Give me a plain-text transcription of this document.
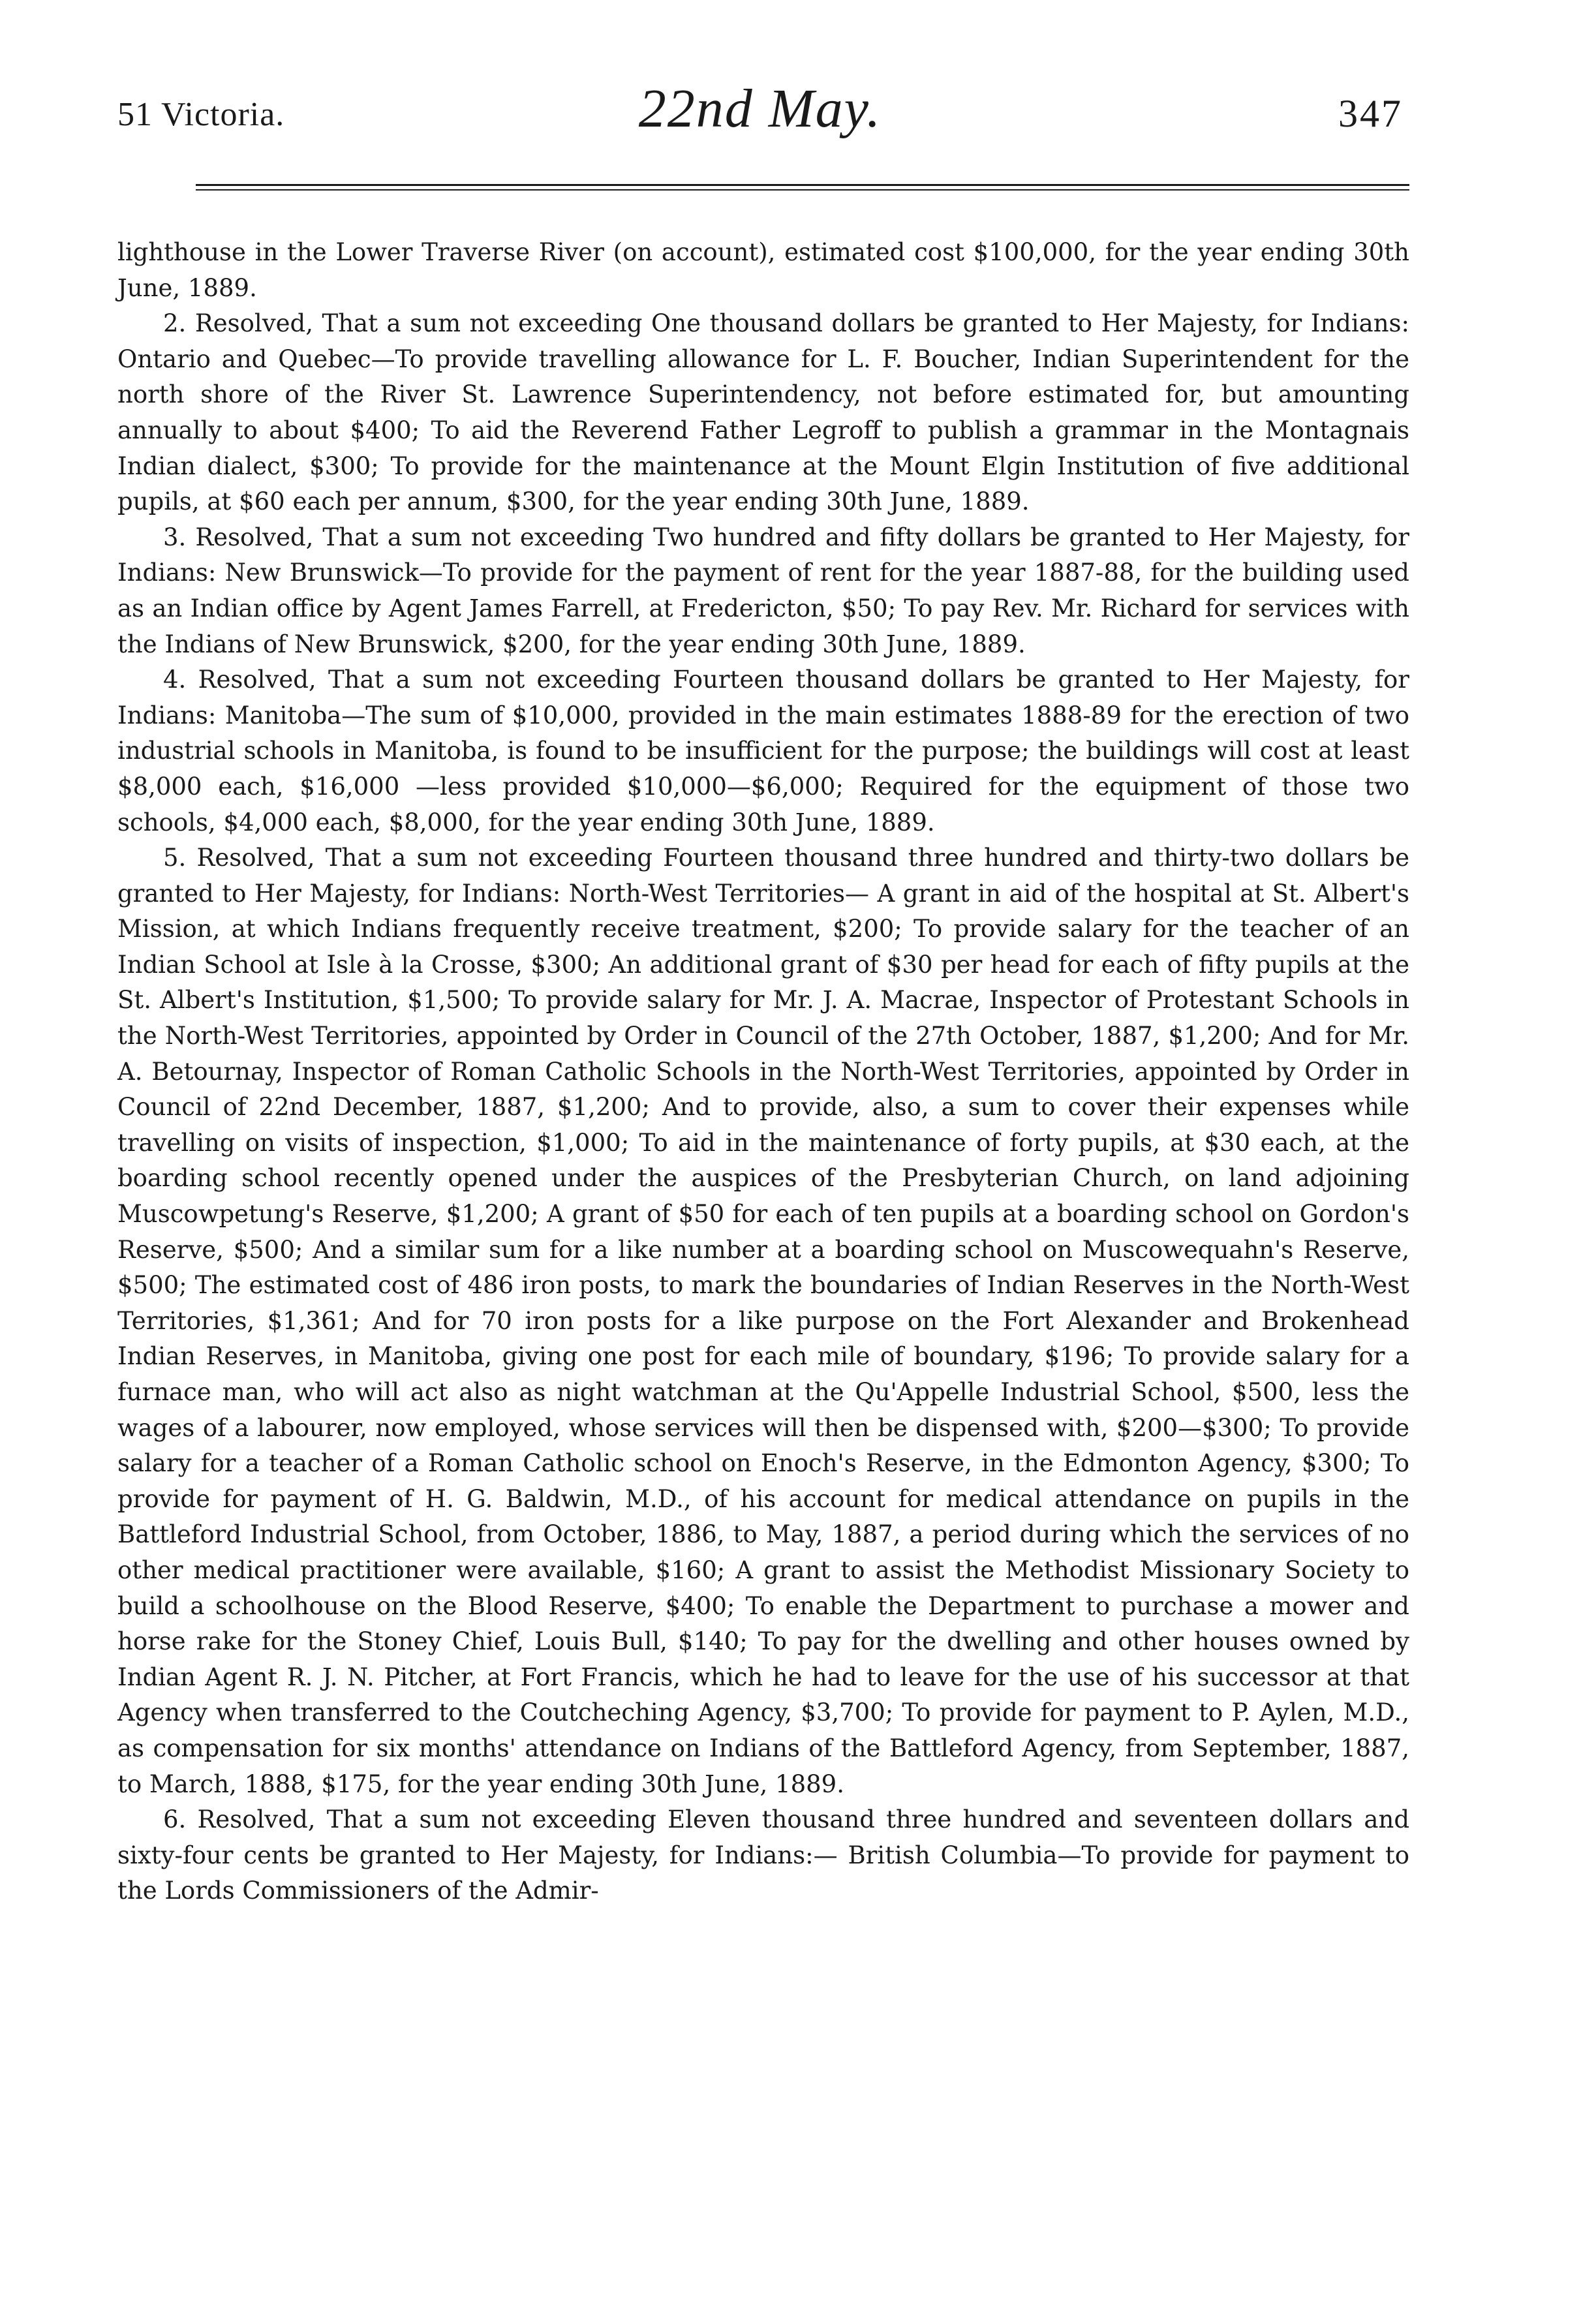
51 Victoria.	22nd May.	347

lighthouse in the Lower Traverse River (on account), estimated cost $100,000, for the year ending 30th June, 1889.

2. Resolved, That a sum not exceeding One thousand dollars be granted to Her Majesty, for Indians: Ontario and Quebec—To provide travelling allowance for L. F. Boucher, Indian Superintendent for the north shore of the River St. Lawrence Superintendency, not before estimated for, but amounting annually to about $400; To aid the Reverend Father Legroff to publish a grammar in the Montagnais Indian dialect, $300; To provide for the maintenance at the Mount Elgin Institution of five additional pupils, at $60 each per annum, $300, for the year ending 30th June, 1889.

3. Resolved, That a sum not exceeding Two hundred and fifty dollars be granted to Her Majesty, for Indians: New Brunswick—To provide for the payment of rent for the year 1887-88, for the building used as an Indian office by Agent James Farrell, at Fredericton, $50; To pay Rev. Mr. Richard for services with the Indians of New Brunswick, $200, for the year ending 30th June, 1889.

4. Resolved, That a sum not exceeding Fourteen thousand dollars be granted to Her Majesty, for Indians: Manitoba—The sum of $10,000, provided in the main estimates 1888-89 for the erection of two industrial schools in Manitoba, is found to be insufficient for the purpose; the buildings will cost at least $8,000 each, $16,000 —less provided $10,000—$6,000; Required for the equipment of those two schools, $4,000 each, $8,000, for the year ending 30th June, 1889.

5. Resolved, That a sum not exceeding Fourteen thousand three hundred and thirty-two dollars be granted to Her Majesty, for Indians: North-West Territories— A grant in aid of the hospital at St. Albert's Mission, at which Indians frequently receive treatment, $200; To provide salary for the teacher of an Indian School at Isle à la Crosse, $300; An additional grant of $30 per head for each of fifty pupils at the St. Albert's Institution, $1,500; To provide salary for Mr. J. A. Macrae, Inspector of Protestant Schools in the North-West Territories, appointed by Order in Council of the 27th October, 1887, $1,200; And for Mr. A. Betournay, Inspector of Roman Catholic Schools in the North-West Territories, appointed by Order in Council of 22nd December, 1887, $1,200; And to provide, also, a sum to cover their expenses while travelling on visits of inspection, $1,000; To aid in the maintenance of forty pupils, at $30 each, at the boarding school recently opened under the auspices of the Presbyterian Church, on land adjoining Muscowpetung's Reserve, $1,200; A grant of $50 for each of ten pupils at a boarding school on Gordon's Reserve, $500; And a similar sum for a like number at a boarding school on Muscowequahn's Reserve, $500; The estimated cost of 486 iron posts, to mark the boundaries of Indian Reserves in the North-West Territories, $1,361; And for 70 iron posts for a like purpose on the Fort Alexander and Brokenhead Indian Reserves, in Manitoba, giving one post for each mile of boundary, $196; To provide salary for a furnace man, who will act also as night watchman at the Qu'Appelle Industrial School, $500, less the wages of a labourer, now employed, whose services will then be dispensed with, $200—$300; To provide salary for a teacher of a Roman Catholic school on Enoch's Reserve, in the Edmonton Agency, $300; To provide for payment of H. G. Baldwin, M.D., of his account for medical attendance on pupils in the Battleford Industrial School, from October, 1886, to May, 1887, a period during which the services of no other medical practitioner were available, $160; A grant to assist the Methodist Missionary Society to build a schoolhouse on the Blood Reserve, $400; To enable the Department to purchase a mower and horse rake for the Stoney Chief, Louis Bull, $140; To pay for the dwelling and other houses owned by Indian Agent R. J. N. Pitcher, at Fort Francis, which he had to leave for the use of his successor at that Agency when transferred to the Coutcheching Agency, $3,700; To provide for payment to P. Aylen, M.D., as compensation for six months' attendance on Indians of the Battleford Agency, from September, 1887, to March, 1888, $175, for the year ending 30th June, 1889.

6. Resolved, That a sum not exceeding Eleven thousand three hundred and seventeen dollars and sixty-four cents be granted to Her Majesty, for Indians:— British Columbia—To provide for payment to the Lords Commissioners of the Admir-
